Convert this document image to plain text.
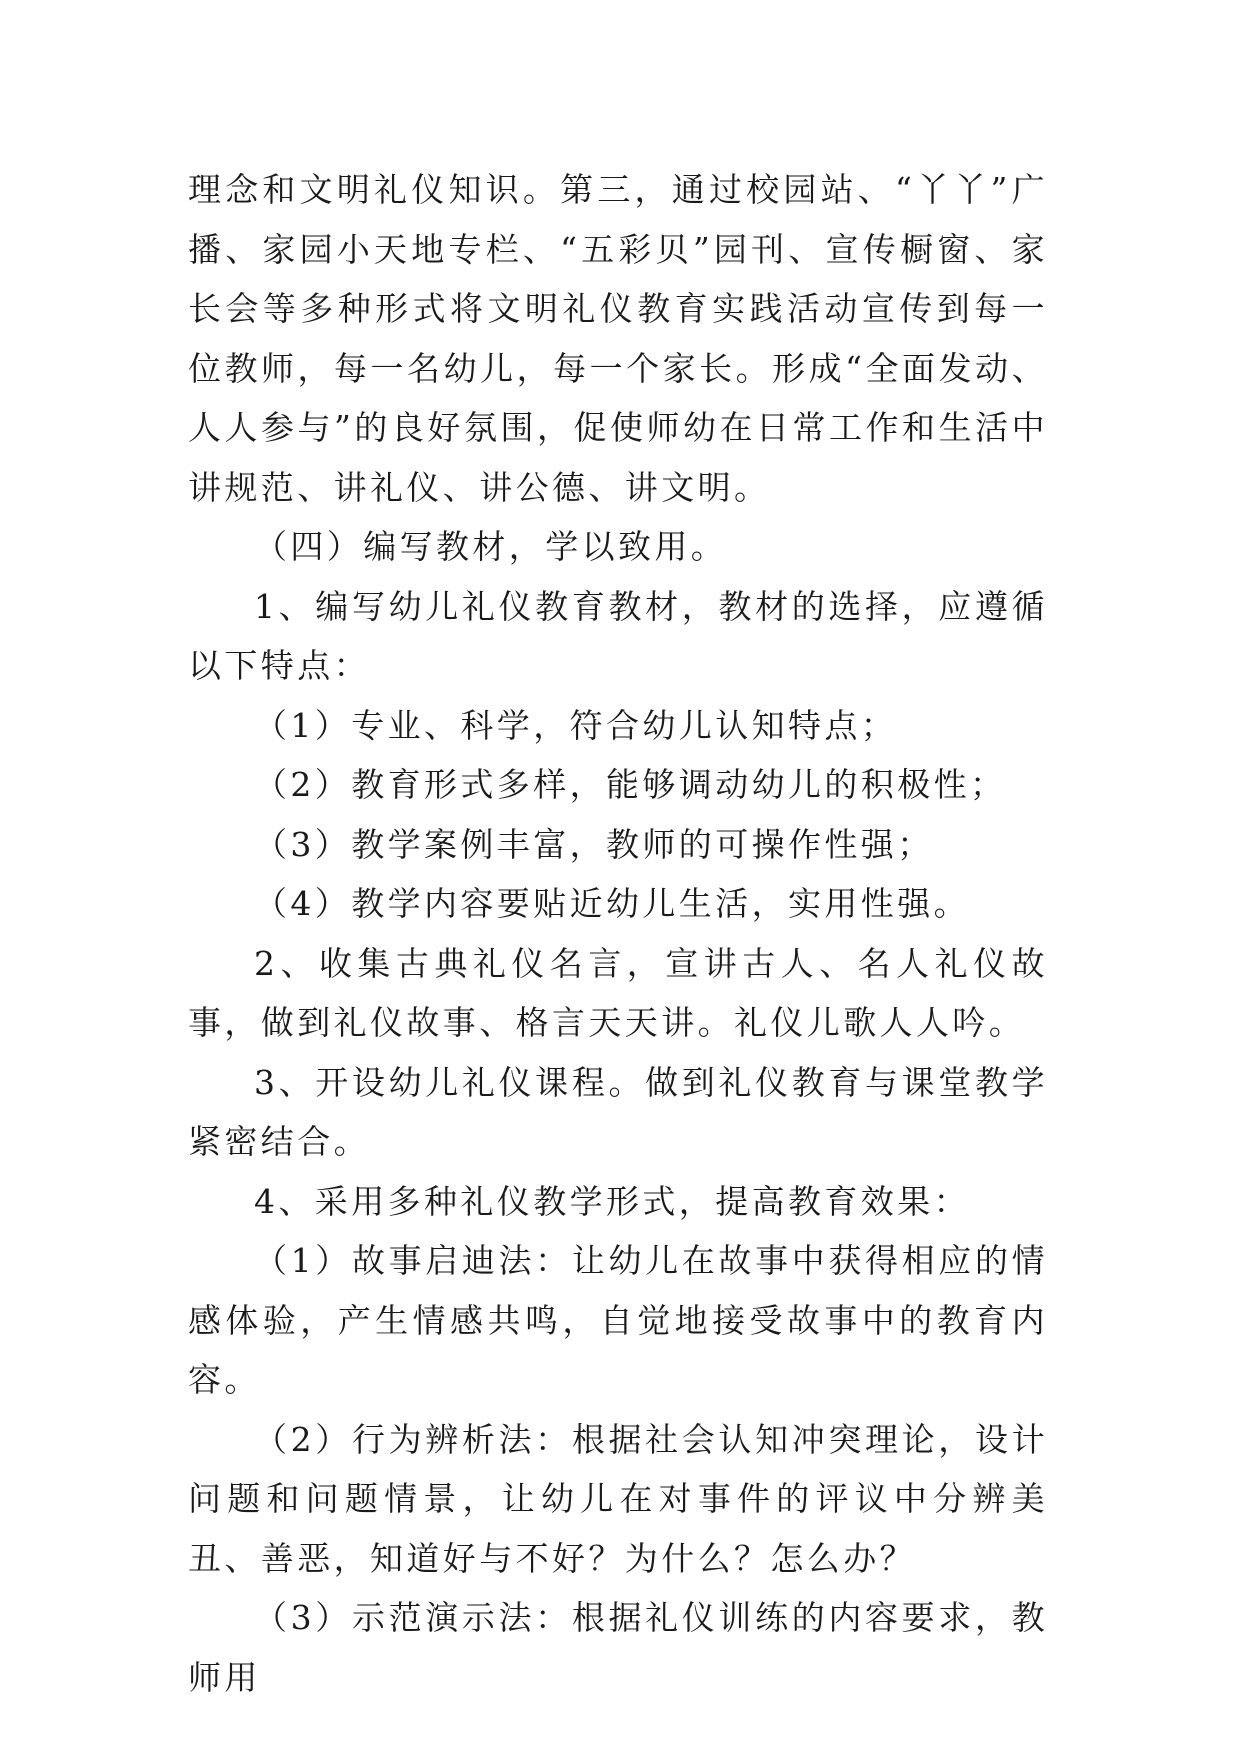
理念和文明礼仪知识。第三，通过校园站、“丫丫”广播、家园小天地专栏、“五彩贝”园刊、宣传橱窗、家长会等多种形式将文明礼仪教育实践活动宣传到每一位教师，每一名幼儿，每一个家长。形成“全面发动、人人参与”的良好氛围，促使师幼在日常工作和生活中讲规范、讲礼仪、讲公德、讲文明。

（四）编写教材，学以致用。

1、编写幼儿礼仪教育教材，教材的选择，应遵循以下特点：

（1）专业、科学，符合幼儿认知特点；

（2）教育形式多样，能够调动幼儿的积极性；

（3）教学案例丰富，教师的可操作性强；

（4）教学内容要贴近幼儿生活，实用性强。

2、收集古典礼仪名言，宣讲古人、名人礼仪故事，做到礼仪故事、格言天天讲。礼仪儿歌人人吟。

3、开设幼儿礼仪课程。做到礼仪教育与课堂教学紧密结合。

4、采用多种礼仪教学形式，提高教育效果：

（1）故事启迪法：让幼儿在故事中获得相应的情感体验，产生情感共鸣，自觉地接受故事中的教育内容。

（2）行为辨析法：根据社会认知冲突理论，设计问题和问题情景，让幼儿在对事件的评议中分辨美丑、善恶，知道好与不好？为什么？怎么办？

（3）示范演示法：根据礼仪训练的内容要求，教师用
